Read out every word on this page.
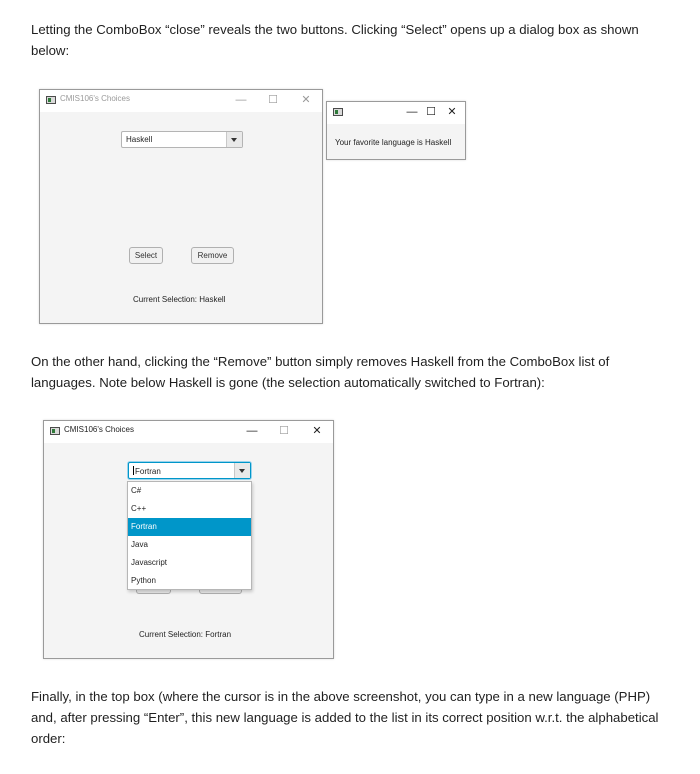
Letting the ComboBox “close” reveals the two buttons. Clicking “Select” opens up a dialog box as shown below:

CMIS106's Choices	— ☐ ✕
Haskell
Select	Remove
Current Selection: Haskell
— ☐ ✕
Your favorite language is Haskell

On the other hand, clicking the “Remove” button simply removes Haskell from the ComboBox list of languages. Note below Haskell is gone (the selection automatically switched to Fortran):

CMIS106's Choices	— ☐ ✕
Fortran
C#
C++
Fortran
Java
Javascript
Python
Current Selection: Fortran

Finally, in the top box (where the cursor is in the above screenshot, you can type in a new language (PHP) and, after pressing “Enter”, this new language is added to the list in its correct position w.r.t. the alphabetical order:
